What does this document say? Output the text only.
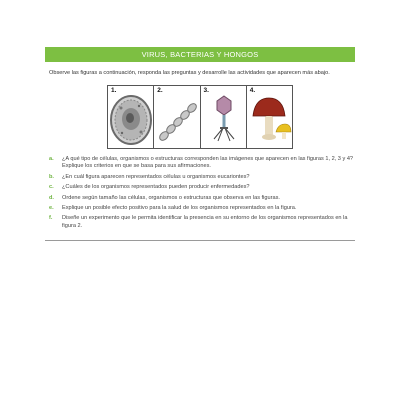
VIRUS, BACTERIAS Y HONGOS
Observe las figuras a continuación, responda las preguntas y desarrolle las actividades que aparecen más abajo.
1.	2.	3.	4.
a.	¿A qué tipo de células, organismos o estructuras corresponden las imágenes que aparecen en las figuras 1, 2, 3 y 4? Explique los criterios en que se basa para sus afirmaciones.
b.	¿En cuál figura aparecen representados células u organismos eucariontes?
c.	¿Cuáles de los organismos representados pueden producir enfermedades?
d.	Ordene según tamaño las células, organismos o estructuras que observa en las figuras.
e.	Explique un posible efecto positivo para la salud de los organismos representados en la figura.
f.	Diseñe un experimento que le permita identificar la presencia en su entorno de los organismos representados en la figura 2.
